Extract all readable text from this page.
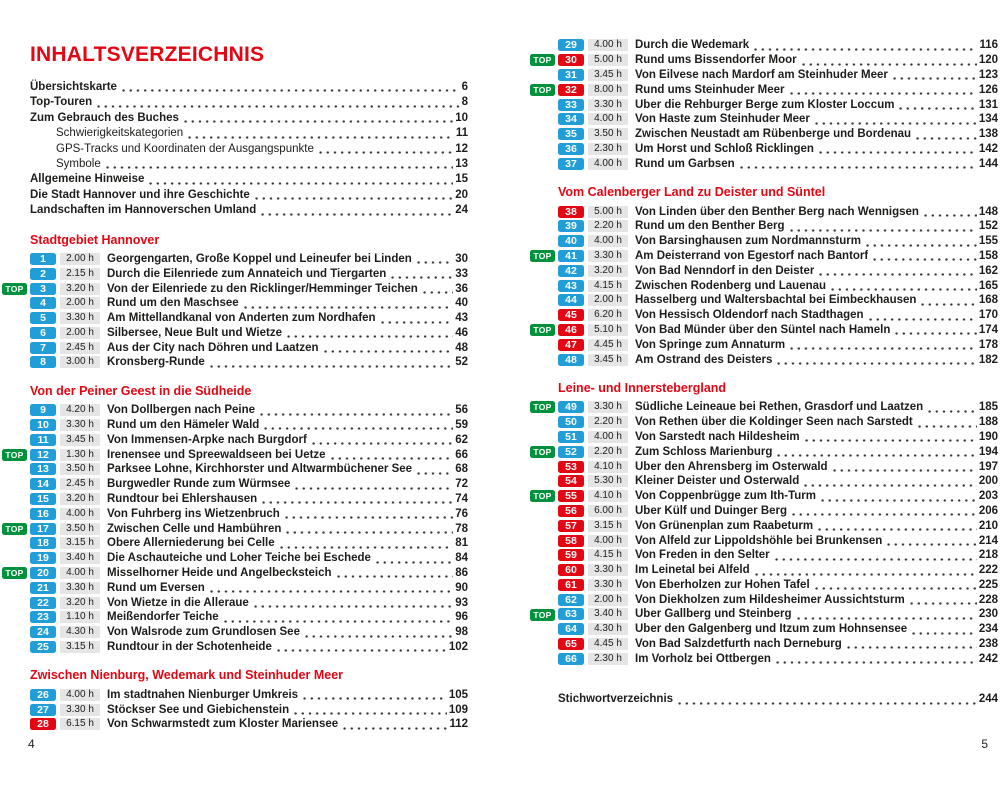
INHALTSVERZEICHNIS
Übersichtskarte	6
Top-Touren	8
Zum Gebrauch des Buches	10
Schwierigkeitskategorien	11
GPS-Tracks und Koordinaten der Ausgangspunkte	12
Symbole	13
Allgemeine Hinweise	15
Die Stadt Hannover und ihre Geschichte	20
Landschaften im Hannoverschen Umland	24
Stadtgebiet Hannover
1	2.00 h	Georgengarten, Große Koppel und Leineufer bei Linden	30
2	2.15 h	Durch die Eilenriede zum Annateich und Tiergarten	33
TOP	3	3.20 h	Von der Eilenriede zu den Ricklinger/Hemminger Teichen	36
4	2.00 h	Rund um den Maschsee	40
5	3.30 h	Am Mittellandkanal von Anderten zum Nordhafen	43
6	2.00 h	Silbersee, Neue Bult und Wietze	46
7	2.45 h	Aus der City nach Döhren und Laatzen	48
8	3.00 h	Kronsberg-Runde	52
Von der Peiner Geest in die Südheide
9	4.20 h	Von Dollbergen nach Peine	56
10	3.30 h	Rund um den Hämeler Wald	59
11	3.45 h	Von Immensen-Arpke nach Burgdorf	62
TOP	12	1.30 h	Irenensee und Spreewaldseen bei Uetze	66
13	3.50 h	Parksee Lohne, Kirchhorster und Altwarmbüchener See	68
14	2.45 h	Burgwedler Runde zum Würmsee	72
15	3.20 h	Rundtour bei Ehlershausen	74
16	4.00 h	Von Fuhrberg ins Wietzenbruch	76
TOP	17	3.50 h	Zwischen Celle und Hambühren	78
18	3.15 h	Obere Allerniederung bei Celle	81
19	3.40 h	Die Aschauteiche und Loher Teiche bei Eschede	84
TOP	20	4.00 h	Misselhorner Heide und Angelbecksteich	86
21	3.30 h	Rund um Eversen	90
22	3.20 h	Von Wietze in die Alleraue	93
23	1.10 h	Meißendorfer Teiche	96
24	4.30 h	Von Walsrode zum Grundlosen See	98
25	3.15 h	Rundtour in der Schotenheide	102
Zwischen Nienburg, Wedemark und Steinhuder Meer
26	4.00 h	Im stadtnahen Nienburger Umkreis	105
27	3.30 h	Stöckser See und Giebichenstein	109
28	6.15 h	Von Schwarmstedt zum Kloster Mariensee	112
29	4.00 h	Durch die Wedemark	116
TOP	30	5.00 h	Rund ums Bissendorfer Moor	120
31	3.45 h	Von Eilvese nach Mardorf am Steinhuder Meer	123
TOP	32	8.00 h	Rund ums Steinhuder Meer	126
33	3.30 h	Über die Rehburger Berge zum Kloster Loccum	131
34	4.00 h	Von Haste zum Steinhuder Meer	134
35	3.50 h	Zwischen Neustadt am Rübenberge und Bordenau	138
36	2.30 h	Um Horst und Schloß Ricklingen	142
37	4.00 h	Rund um Garbsen	144
Vom Calenberger Land zu Deister und Süntel
38	5.00 h	Von Linden über den Benther Berg nach Wennigsen	148
39	2.20 h	Rund um den Benther Berg	152
40	4.00 h	Von Barsinghausen zum Nordmannsturm	155
TOP	41	3.30 h	Am Deisterrand von Egestorf nach Bantorf	158
42	3.20 h	Von Bad Nenndorf in den Deister	162
43	4.15 h	Zwischen Rodenberg und Lauenau	165
44	2.00 h	Hasselberg und Waltersbachtal bei Eimbeckhausen	168
45	6.20 h	Von Hessisch Oldendorf nach Stadthagen	170
TOP	46	5.10 h	Von Bad Münder über den Süntel nach Hameln	174
47	4.45 h	Von Springe zum Annaturm	178
48	3.45 h	Am Ostrand des Deisters	182
Leine- und Innerstebergland
TOP	49	3.30 h	Südliche Leineaue bei Rethen, Grasdorf und Laatzen	185
50	2.20 h	Von Rethen über die Koldinger Seen nach Sarstedt	188
51	4.00 h	Von Sarstedt nach Hildesheim	190
TOP	52	2.20 h	Zum Schloss Marienburg	194
53	4.10 h	Über den Ahrensberg im Osterwald	197
54	5.30 h	Kleiner Deister und Osterwald	200
TOP	55	4.10 h	Von Coppenbrügge zum Ith-Turm	203
56	6.00 h	Über Külf und Duinger Berg	206
57	3.15 h	Von Grünenplan zum Raabeturm	210
58	4.00 h	Von Alfeld zur Lippoldshöhle bei Brunkensen	214
59	4.15 h	Von Freden in den Selter	218
60	3.30 h	Im Leinetal bei Alfeld	222
61	3.30 h	Von Eberholzen zur Hohen Tafel	225
62	2.00 h	Von Diekholzen zum Hildesheimer Aussichtsturm	228
TOP	63	3.40 h	Über Gallberg und Steinberg	230
64	4.30 h	Über den Galgenberg und Itzum zum Hohnsensee	234
65	4.45 h	Von Bad Salzdetfurth nach Derneburg	238
66	2.30 h	Im Vorholz bei Ottbergen	242
Stichwortverzeichnis	244
4	5
